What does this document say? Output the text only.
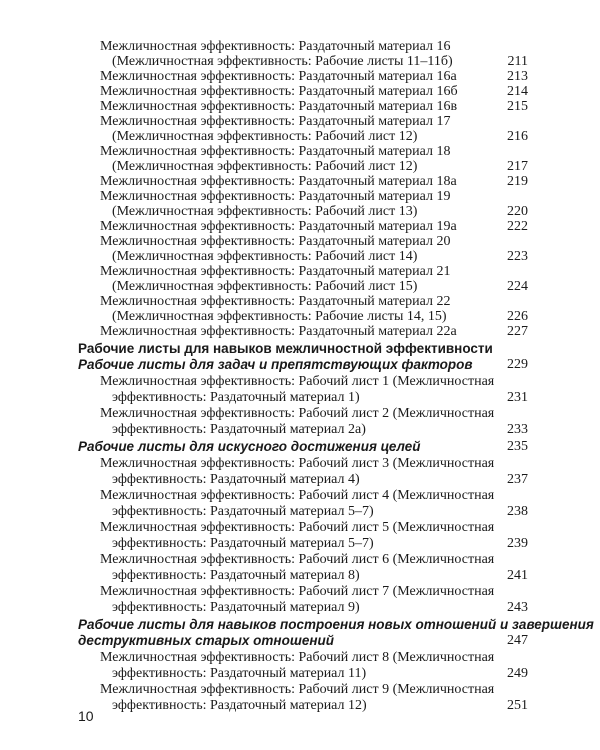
Межличностная эффективность: Раздаточный материал 16
(Межличностная эффективность: Рабочие листы 11–11б)	211
Межличностная эффективность: Раздаточный материал 16а	213
Межличностная эффективность: Раздаточный материал 16б	214
Межличностная эффективность: Раздаточный материал 16в	215
Межличностная эффективность: Раздаточный материал 17
(Межличностная эффективность: Рабочий лист 12)	216
Межличностная эффективность: Раздаточный материал 18
(Межличностная эффективность: Рабочий лист 12)	217
Межличностная эффективность: Раздаточный материал 18а	219
Межличностная эффективность: Раздаточный материал 19
(Межличностная эффективность: Рабочий лист 13)	220
Межличностная эффективность: Раздаточный материал 19а	222
Межличностная эффективность: Раздаточный материал 20
(Межличностная эффективность: Рабочий лист 14)	223
Межличностная эффективность: Раздаточный материал 21
(Межличностная эффективность: Рабочий лист 15)	224
Межличностная эффективность: Раздаточный материал 22
(Межличностная эффективность: Рабочие листы 14, 15)	226
Межличностная эффективность: Раздаточный материал 22а	227
Рабочие листы для навыков межличностной эффективности
Рабочие листы для задач и препятствующих факторов 229
Межличностная эффективность: Рабочий лист 1 (Межличностная
эффективность: Раздаточный материал 1)	231
Межличностная эффективность: Рабочий лист 2 (Межличностная
эффективность: Раздаточный материал 2а)	233
Рабочие листы для искусного достижения целей	235
Межличностная эффективность: Рабочий лист 3 (Межличностная
эффективность: Раздаточный материал 4)	237
Межличностная эффективность: Рабочий лист 4 (Межличностная
эффективность: Раздаточный материал 5–7)	238
Межличностная эффективность: Рабочий лист 5 (Межличностная
эффективность: Раздаточный материал 5–7)	239
Межличностная эффективность: Рабочий лист 6 (Межличностная
эффективность: Раздаточный материал 8)	241
Межличностная эффективность: Рабочий лист 7 (Межличностная
эффективность: Раздаточный материал 9)	243
Рабочие листы для навыков построения новых отношений и завершения
деструктивных старых отношений	247
Межличностная эффективность: Рабочий лист 8 (Межличностная
эффективность: Раздаточный материал 11)	249
Межличностная эффективность: Рабочий лист 9 (Межличностная
эффективность: Раздаточный материал 12)	251
10
